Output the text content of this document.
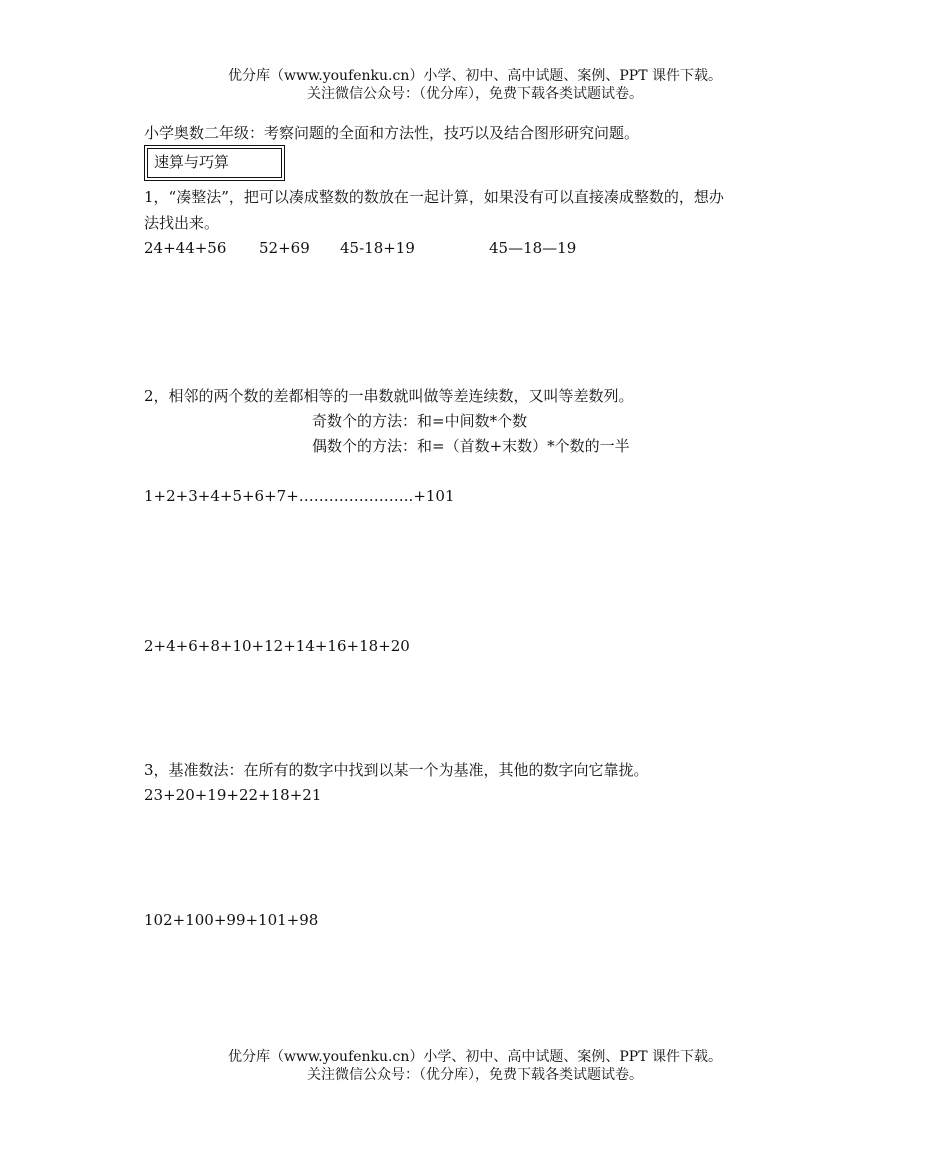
优分库（www.youfenku.cn）小学、初中、高中试题、案例、PPT 课件下载。
关注微信公众号：（优分库），免费下载各类试题试卷。
小学奥数二年级：考察问题的全面和方法性，技巧以及结合图形研究问题。
速算与巧算
1，“凑整法”，把可以凑成整数的数放在一起计算，如果没有可以直接凑成整数的，想办
法找出来。
24+44+56 52+69 45-18+19	45—18—19
2，相邻的两个数的差都相等的一串数就叫做等差连续数，又叫等差数列。
奇数个的方法：和=中间数*个数
偶数个的方法：和=（首数+末数）*个数的一半
1+2+3+4+5+6+7+…………………..+101
2+4+6+8+10+12+14+16+18+20
3，基准数法：在所有的数字中找到以某一个为基准，其他的数字向它靠拢。
23+20+19+22+18+21
102+100+99+101+98
优分库（www.youfenku.cn）小学、初中、高中试题、案例、PPT 课件下载。
关注微信公众号：（优分库），免费下载各类试题试卷。
